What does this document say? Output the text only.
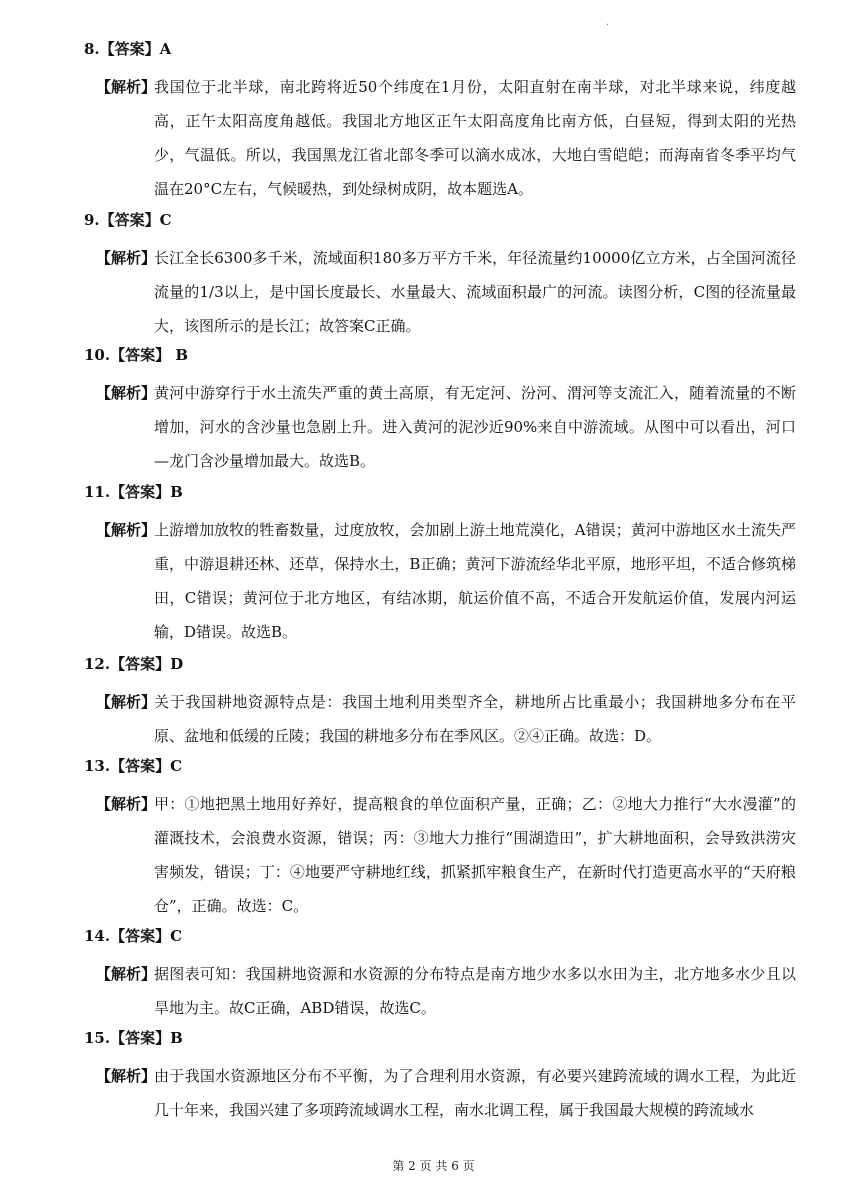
·
8.【答案】A
【解析】

我国位于北半球，南北跨将近50个纬度在1月份，太阳直射在南半球，对北半球来说，纬度越高，正午太阳高度角越低。我国北方地区正午太阳高度角比南方低，白昼短，得到太阳的光热少，气温低。所以，我国黑龙江省北部冬季可以滴水成冰，大地白雪皑皑；而海南省冬季平均气温在20°C左右，气候暖热，到处绿树成阴，故本题选A。

9.【答案】C
【解析】

长江全长6300多千米，流域面积180多万平方千米，年径流量约10000亿立方米，占全国河流径流量的1/3以上，是中国长度最长、水量最大、流域面积最广的河流。读图分析，C图的径流量最大，该图所示的是长江；故答案C正确。

10.【答案】 B
【解析】

黄河中游穿行于水土流失严重的黄土高原，有无定河、汾河、渭河等支流汇入，随着流量的不断增加，河水的含沙量也急剧上升。进入黄河的泥沙近90%来自中游流域。从图中可以看出，河口—龙门含沙量增加最大。故选B。

11.【答案】B
【解析】

上游增加放牧的牲畜数量，过度放牧，会加剧上游土地荒漠化，A错误；黄河中游地区水土流失严重，中游退耕还林、还草，保持水土，B正确；黄河下游流经华北平原，地形平坦，不适合修筑梯田，C错误；黄河位于北方地区，有结冰期，航运价值不高，不适合开发航运价值，发展内河运输，D错误。故选B。

12.【答案】D
【解析】

关于我国耕地资源特点是：我国土地利用类型齐全，耕地所占比重最小；我国耕地多分布在平原、盆地和低缓的丘陵；我国的耕地多分布在季风区。②④正确。故选：D。

13.【答案】C
【解析】

甲：①地把黑土地用好养好，提高粮食的单位面积产量，正确；乙：②地大力推行“大水漫灌”的灌溉技术，会浪费水资源，错误；丙：③地大力推行“围湖造田”，扩大耕地面积，会导致洪涝灾害频发，错误；丁：④地要严守耕地红线，抓紧抓牢粮食生产，在新时代打造更高水平的“天府粮仓”，正确。故选：C。

14.【答案】C
【解析】

据图表可知：我国耕地资源和水资源的分布特点是南方地少水多以水田为主，北方地多水少且以旱地为主。故C正确，ABD错误，故选C。

15.【答案】B
【解析】

由于我国水资源地区分布不平衡，为了合理利用水资源，有必要兴建跨流域的调水工程，为此近几十年来，我国兴建了多项跨流域调水工程，南水北调工程，属于我国最大规模的跨流域水

第 2 页 共 6 页
